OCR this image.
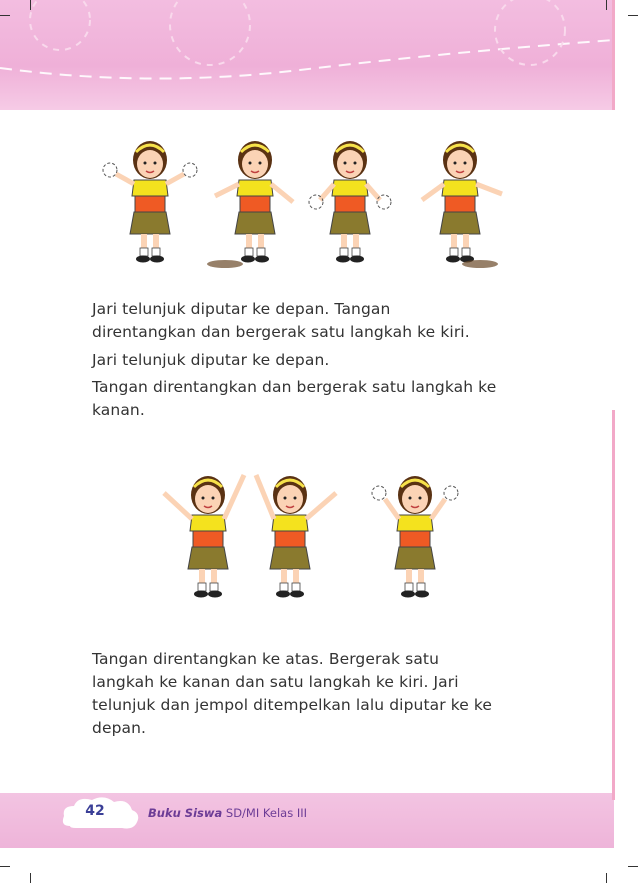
Jari telunjuk diputar ke depan. Tangan
direntangkan dan bergerak satu langkah ke kiri.
Jari telunjuk diputar ke depan.
Tangan direntangkan dan bergerak satu langkah ke
kanan.
Tangan direntangkan ke atas. Bergerak satu
langkah ke kanan dan satu langkah ke kiri. Jari
telunjuk dan jempol ditempelkan lalu diputar ke ke
depan.
42	Buku Siswa SD/MI Kelas III
